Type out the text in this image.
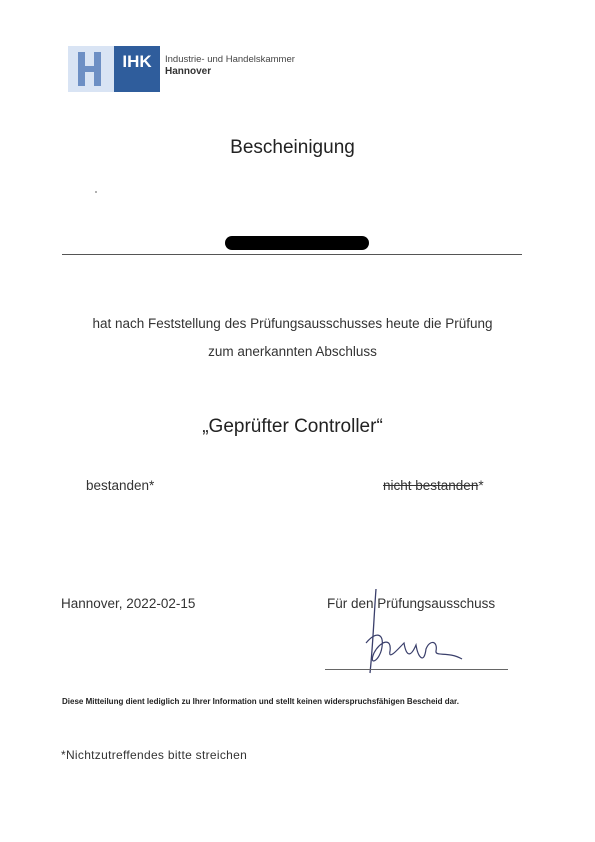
IHK Industrie- und Handelskammer
Hannover
Bescheinigung
hat nach Feststellung des Prüfungsausschusses heute die Prüfung
zum anerkannten Abschluss
„Geprüfter Controller“
bestanden*	nicht bestanden*
Hannover, 2022-02-15	Für den Prüfungsausschuss
Diese Mitteilung dient lediglich zu Ihrer Information und stellt keinen widerspruchsfähigen Bescheid dar.
*Nichtzutreffendes bitte streichen
